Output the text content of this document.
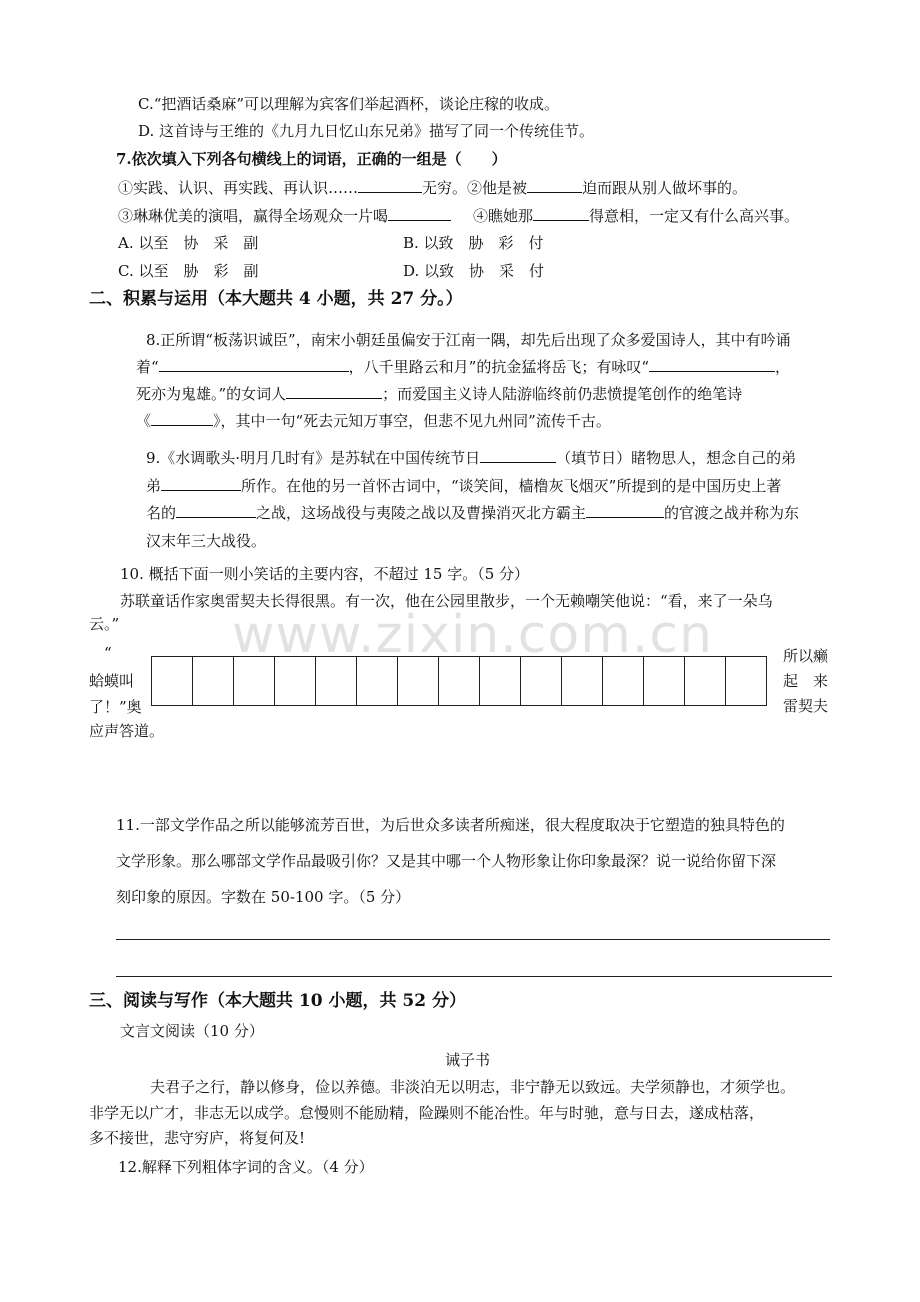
www.zixin.com.cn
C.“把酒话桑麻”可以理解为宾客们举起酒杯，谈论庄稼的收成。
D. 这首诗与王维的《九月九日忆山东兄弟》描写了同一个传统佳节。
7.依次填入下列各句横线上的词语，正确的一组是（　　）
①实践、认识、再实践、再认识……	无穷。②他是被	迫而跟从别人做坏事的。
③琳琳优美的演唱，赢得全场观众一片喝	④瞧她那	得意相，一定又有什么高兴事。
A. 以至　协　采　副	B. 以致　胁　彩　付
C. 以至　胁　彩　副	D. 以致　协　采　付
二、积累与运用（本大题共 4 小题，共 27 分。）
8.正所谓“板荡识诚臣”，南宋小朝廷虽偏安于江南一隅，却先后出现了众多爱国诗人，其中有吟诵
着“	，八千里路云和月”的抗金猛将岳飞；有咏叹“	，
死亦为鬼雄。”的女词人	；而爱国主义诗人陆游临终前仍悲愤提笔创作的绝笔诗
《	》，其中一句“死去元知万事空，但悲不见九州同”流传千古。
9.《水调歌头·明月几时有》是苏轼在中国传统节日	（填节日）睹物思人，想念自己的弟
弟	所作。在他的另一首怀古词中，“谈笑间，樯橹灰飞烟灭”所提到的是中国历史上著
名的	之战，这场战役与夷陵之战以及曹操消灭北方霸主	的官渡之战并称为东
汉末年三大战役。
10. 概括下面一则小笑话的主要内容，不超过 15 字。（5 分）
苏联童话作家奥雷契夫长得很黑。有一次，他在公园里散步，一个无赖嘲笑他说：“看，来了一朵乌
云。”
“
蛤蟆叫
了！”奥
应声答道。
所以癞
起　来
雷契夫
11.一部文学作品之所以能够流芳百世，为后世众多读者所痴迷，很大程度取决于它塑造的独具特色的
文学形象。那么哪部文学作品最吸引你？又是其中哪一个人物形象让你印象最深？说一说给你留下深
刻印象的原因。字数在 50-100 字。（5 分）
三、阅读与写作（本大题共 10 小题，共 52 分）
文言文阅读（10 分）
诫子书
夫君子之行，静以修身，俭以养德。非淡泊无以明志，非宁静无以致远。夫学须静也，才须学也。
非学无以广才，非志无以成学。怠慢则不能励精，险躁则不能冶性。年与时驰，意与日去，遂成枯落，
多不接世，悲守穷庐，将复何及!
12.解释下列粗体字词的含义。（4 分）
